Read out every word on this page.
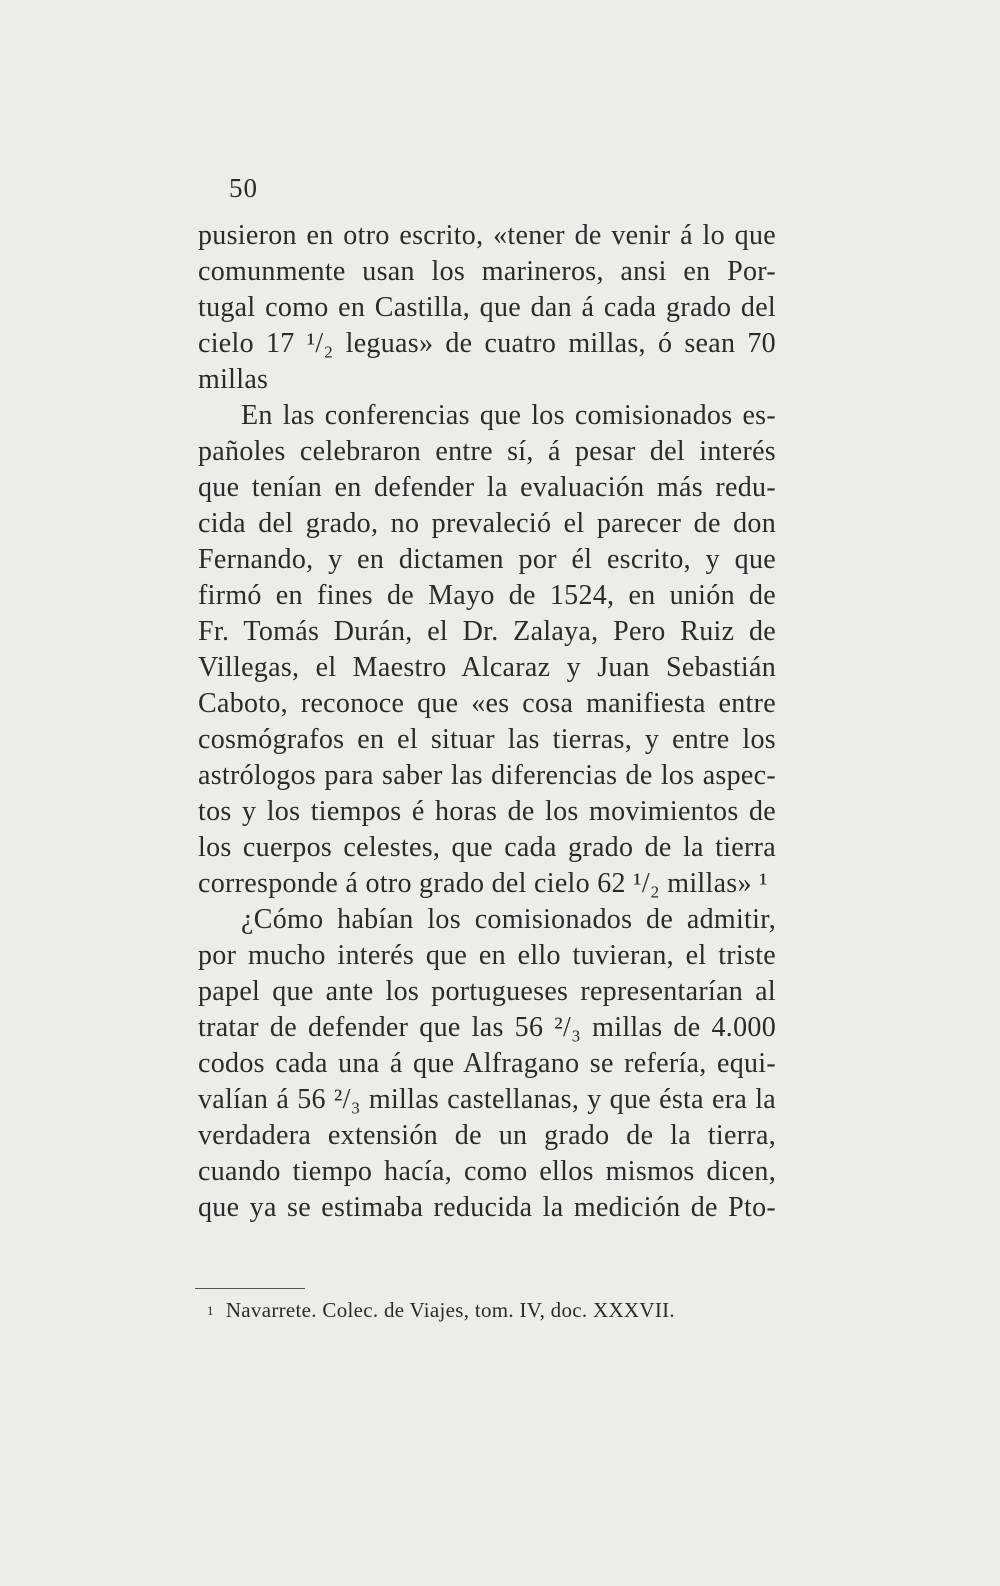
50
pusieron en otro escrito, «tener de venir á lo que
comunmente usan los marineros, ansi en Por-
tugal como en Castilla, que dan á cada grado del
cielo 17 ¹/₂ leguas» de cuatro millas, ó sean 70
millas
En las conferencias que los comisionados es-
pañoles celebraron entre sí, á pesar del interés
que tenían en defender la evaluación más redu-
cida del grado, no prevaleció el parecer de don
Fernando, y en dictamen por él escrito, y que
firmó en fines de Mayo de 1524, en unión de
Fr. Tomás Durán, el Dr. Zalaya, Pero Ruiz de
Villegas, el Maestro Alcaraz y Juan Sebastián
Caboto, reconoce que «es cosa manifiesta entre
cosmógrafos en el situar las tierras, y entre los
astrólogos para saber las diferencias de los aspec-
tos y los tiempos é horas de los movimientos de
los cuerpos celestes, que cada grado de la tierra
corresponde á otro grado del cielo 62 ¹/₂ millas» ¹
¿Cómo habían los comisionados de admitir,
por mucho interés que en ello tuvieran, el triste
papel que ante los portugueses representarían al
tratar de defender que las 56 ²/₃ millas de 4.000
codos cada una á que Alfragano se refería, equi-
valían á 56 ²/₃ millas castellanas, y que ésta era la
verdadera extensión de un grado de la tierra,
cuando tiempo hacía, como ellos mismos dicen,
que ya se estimaba reducida la medición de Pto-
1 Navarrete. Colec. de Viajes, tom. IV, doc. XXXVII.
